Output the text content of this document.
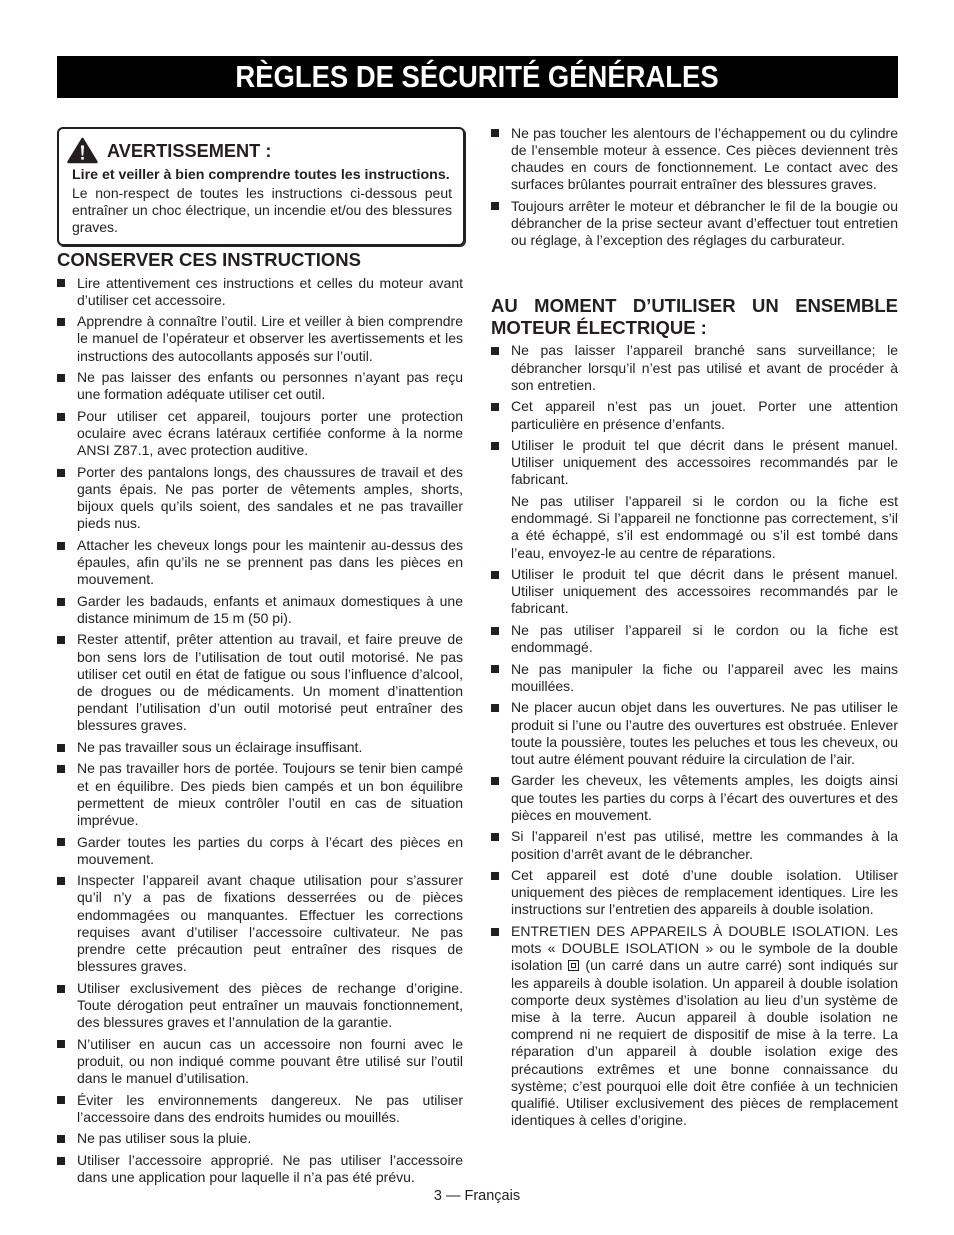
RÈGLES DE SÉCURITÉ GÉNÉRALES
AVERTISSEMENT :
Lire et veiller à bien comprendre toutes les instructions.
Le non-respect de toutes les instructions ci-dessous peut entraîner un choc électrique, un incendie et/ou des blessures graves.
CONSERVER CES INSTRUCTIONS
Lire attentivement ces instructions et celles du moteur avant d’utiliser cet accessoire.
Apprendre à connaître l’outil. Lire et veiller à bien comprendre le manuel de l’opérateur et observer les avertissements et les instructions des autocollants apposés sur l’outil.
Ne pas laisser des enfants ou personnes n’ayant pas reçu une formation adéquate utiliser cet outil.
Pour utiliser cet appareil, toujours porter une protection oculaire avec écrans latéraux certifiée conforme à la norme ANSI Z87.1, avec protection auditive.
Porter des pantalons longs, des chaussures de travail et des gants épais. Ne pas porter de vêtements amples, shorts, bijoux quels qu’ils soient, des sandales et ne pas travailler pieds nus.
Attacher les cheveux longs pour les maintenir au-dessus des épaules, afin qu’ils ne se prennent pas dans les pièces en mouvement.
Garder les badauds, enfants et animaux domestiques à une distance minimum de 15 m (50 pi).
Rester attentif, prêter attention au travail, et faire preuve de bon sens lors de l’utilisation de tout outil motorisé. Ne pas utiliser cet outil en état de fatigue ou sous l’influence d’alcool, de drogues ou de médicaments. Un moment d’inattention pendant l’utilisation d’un outil motorisé peut entraîner des blessures graves.
Ne pas travailler sous un éclairage insuffisant.
Ne pas travailler hors de portée. Toujours se tenir bien campé et en équilibre. Des pieds bien campés et un bon équilibre permettent de mieux contrôler l’outil en cas de situation imprévue.
Garder toutes les parties du corps à l’écart des pièces en mouvement.
Inspecter l’appareil avant chaque utilisation pour s’assurer qu’il n’y a pas de fixations desserrées ou de pièces endommagées ou manquantes. Effectuer les corrections requises avant d’utiliser l’accessoire cultivateur. Ne pas prendre cette précaution peut entraîner des risques de blessures graves.
Utiliser exclusivement des pièces de rechange d’origine. Toute dérogation peut entraîner un mauvais fonctionnement, des blessures graves et l’annulation de la garantie.
N’utiliser en aucun cas un accessoire non fourni avec le produit, ou non indiqué comme pouvant être utilisé sur l’outil dans le manuel d’utilisation.
Éviter les environnements dangereux. Ne pas utiliser l’accessoire dans des endroits humides ou mouillés.
Ne pas utiliser sous la pluie.
Utiliser l’accessoire approprié. Ne pas utiliser l’accessoire dans une application pour laquelle il n’a pas été prévu.
Ne pas toucher les alentours de l’échappement ou du cylindre de l’ensemble moteur à essence. Ces pièces deviennent très chaudes en cours de fonctionnement. Le contact avec des surfaces brûlantes pourrait entraîner des blessures graves.
Toujours arrêter le moteur et débrancher le fil de la bougie ou débrancher de la prise secteur avant d’effectuer tout entretien ou réglage, à l’exception des réglages du carburateur.
AU MOMENT D’UTILISER UN ENSEMBLE MOTEUR ÉLECTRIQUE :
Ne pas laisser l’appareil branché sans surveillance; le débrancher lorsqu’il n’est pas utilisé et avant de procéder à son entretien.
Cet appareil n’est pas un jouet. Porter une attention particulière en présence d’enfants.
Utiliser le produit tel que décrit dans le présent manuel. Utiliser uniquement des accessoires recommandés par le fabricant.
Ne pas utiliser l’appareil si le cordon ou la fiche est endommagé. Si l’appareil ne fonctionne pas correctement, s’il a été échappé, s’il est endommagé ou s’il est tombé dans l’eau, envoyez-le au centre de réparations.
Utiliser le produit tel que décrit dans le présent manuel. Utiliser uniquement des accessoires recommandés par le fabricant.
Ne pas utiliser l’appareil si le cordon ou la fiche est endommagé.
Ne pas manipuler la fiche ou l’appareil avec les mains mouillées.
Ne placer aucun objet dans les ouvertures. Ne pas utiliser le produit si l’une ou l’autre des ouvertures est obstruée. Enlever toute la poussière, toutes les peluches et tous les cheveux, ou tout autre élément pouvant réduire la circulation de l’air.
Garder les cheveux, les vêtements amples, les doigts ainsi que toutes les parties du corps à l’écart des ouvertures et des pièces en mouvement.
Si l’appareil n’est pas utilisé, mettre les commandes à la position d’arrêt avant de le débrancher.
Cet appareil est doté d’une double isolation. Utiliser uniquement des pièces de remplacement identiques. Lire les instructions sur l’entretien des appareils à double isolation.
ENTRETIEN DES APPAREILS À DOUBLE ISOLATION. Les mots « DOUBLE ISOLATION » ou le symbole de la double isolation (un carré dans un autre carré) sont indiqués sur les appareils à double isolation. Un appareil à double isolation comporte deux systèmes d’isolation au lieu d’un système de mise à la terre. Aucun appareil à double isolation ne comprend ni ne requiert de dispositif de mise à la terre. La réparation d’un appareil à double isolation exige des précautions extrêmes et une bonne connaissance du système; c’est pourquoi elle doit être confiée à un technicien qualifié. Utiliser exclusivement des pièces de remplacement identiques à celles d’origine.
3 — Français
